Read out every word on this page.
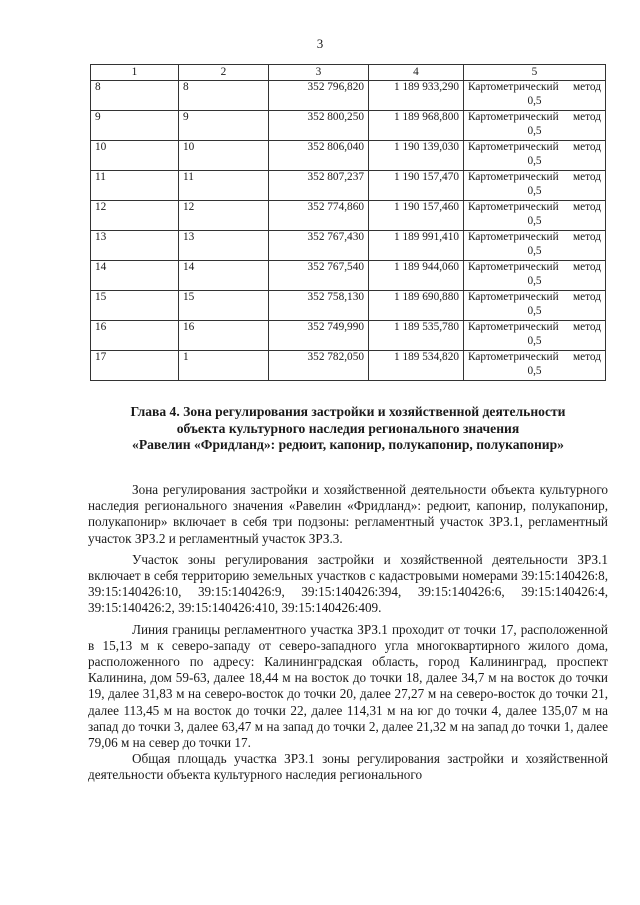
3
1	2	3	4	5
8	8	352 796,820	1 189 933,290	Картометрический метод
0,5

9	9	352 800,250	1 189 968,800	Картометрический метод
0,5

10	10	352 806,040	1 190 139,030	Картометрический метод
0,5

11	11	352 807,237	1 190 157,470	Картометрический метод
0,5

12	12	352 774,860	1 190 157,460	Картометрический метод
0,5

13	13	352 767,430	1 189 991,410	Картометрический метод
0,5

14	14	352 767,540	1 189 944,060	Картометрический метод
0,5

15	15	352 758,130	1 189 690,880	Картометрический метод
0,5

16	16	352 749,990	1 189 535,780	Картометрический метод
0,5

17	1	352 782,050	1 189 534,820	Картометрический метод
0,5
Глава 4. Зона регулирования застройки и хозяйственной деятельности
объекта культурного наследия регионального значения
«Равелин «Фридланд»: редюит, капонир, полукапонир, полукапонир»

Зона регулирования застройки и хозяйственной деятельности объекта культурного наследия регионального значения «Равелин «Фридланд»: редюит, капонир, полукапонир, полукапонир» включает в себя три подзоны: регламентный участок ЗРЗ.1, регламентный участок ЗРЗ.2 и регламентный участок ЗРЗ.3.

Участок зоны регулирования застройки и хозяйственной деятельности ЗРЗ.1 включает в себя территорию земельных участков с кадастровыми номерами 39:15:140426:8, 39:15:140426:10, 39:15:140426:9, 39:15:140426:394, 39:15:140426:6, 39:15:140426:4, 39:15:140426:2, 39:15:140426:410, 39:15:140426:409.

Линия границы регламентного участка ЗРЗ.1 проходит от точки 17, расположенной в 15,13 м к северо-западу от северо-западного угла многоквартирного жилого дома, расположенного по адресу: Калининградская область, город Калининград, проспект Калинина, дом 59-63, далее 18,44 м на восток до точки 18, далее 34,7 м на восток до точки 19, далее 31,83 м на северо-восток до точки 20, далее 27,27 м на северо-восток до точки 21, далее 113,45 м на восток до точки 22, далее 114,31 м на юг до точки 4, далее 135,07 м на запад до точки 3, далее 63,47 м на запад до точки 2, далее 21,32 м на запад до точки 1, далее 79,06 м на север до точки 17.

Общая площадь участка ЗРЗ.1 зоны регулирования застройки и хозяйственной деятельности объекта культурного наследия регионального
